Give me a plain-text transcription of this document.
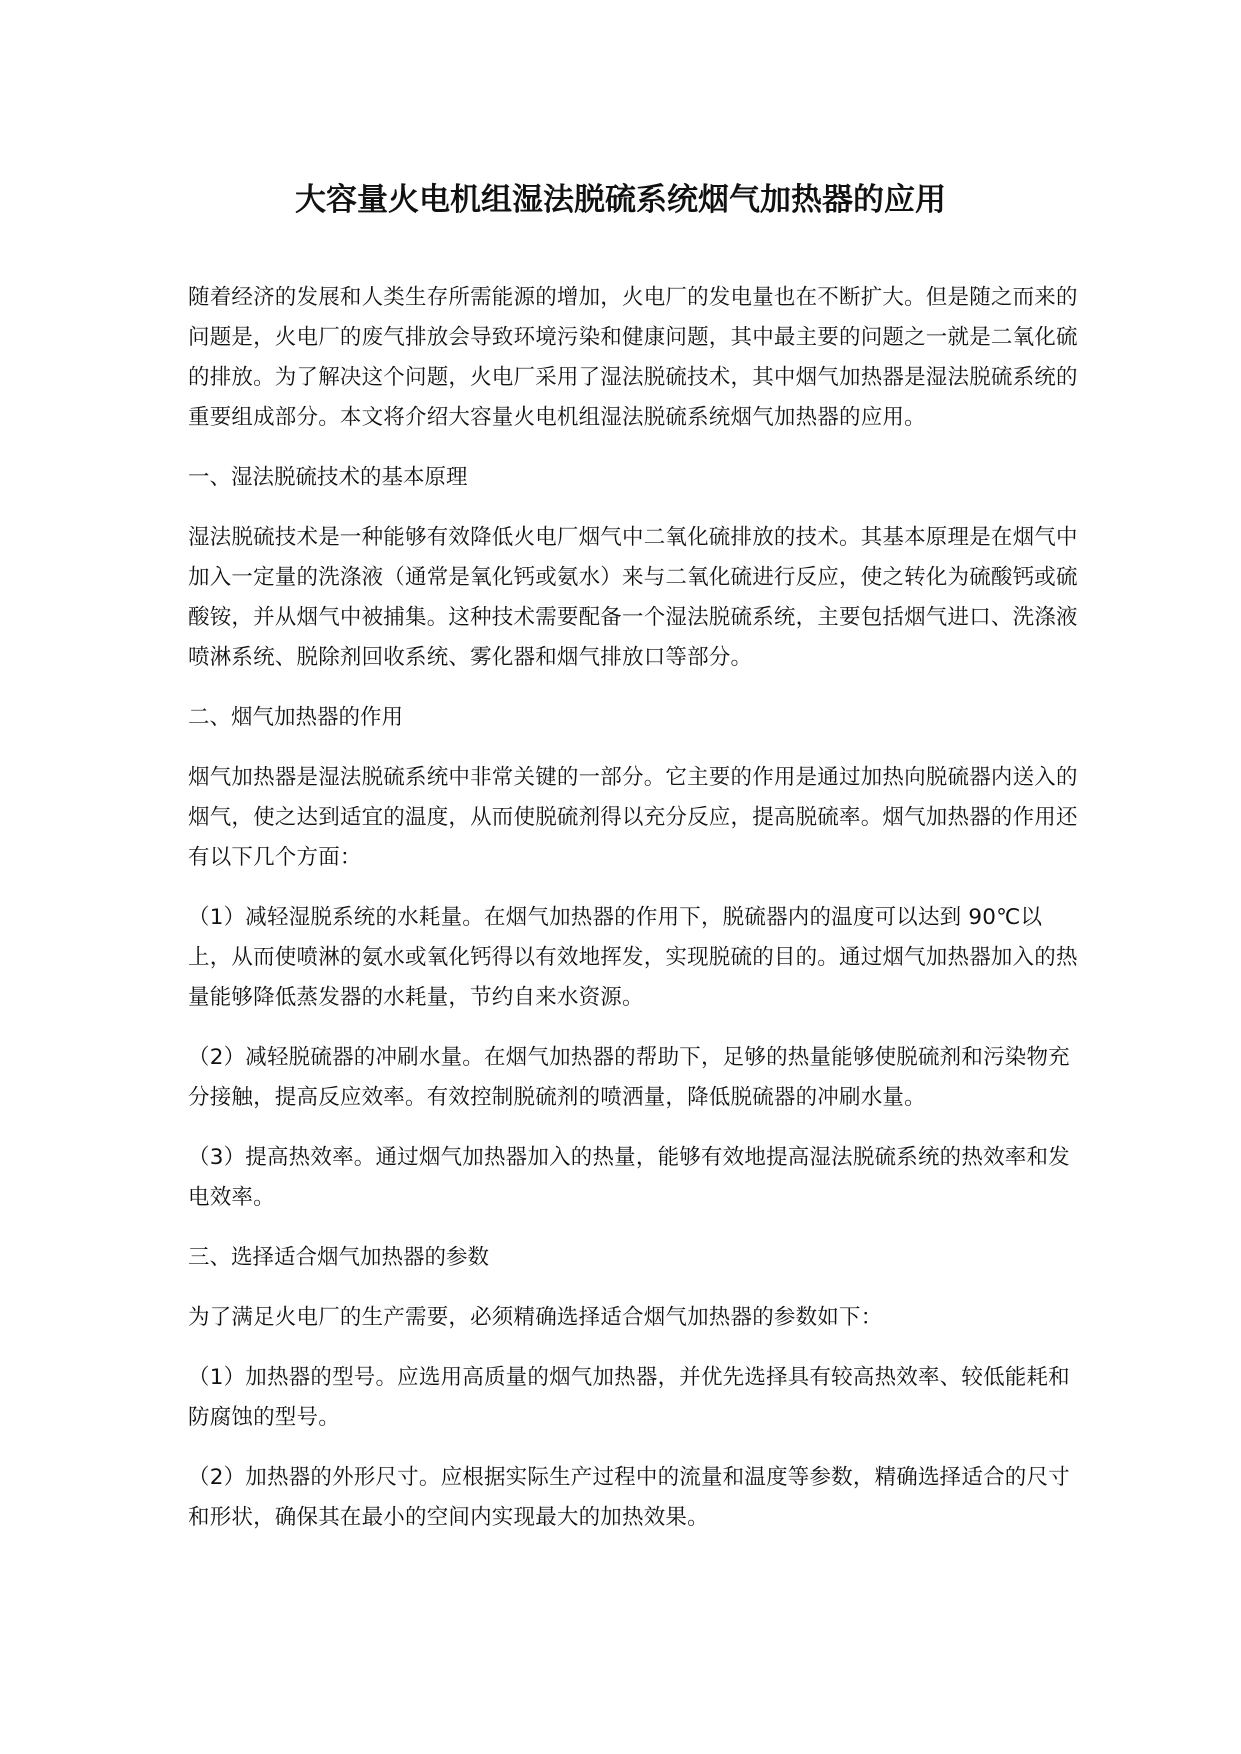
大容量火电机组湿法脱硫系统烟气加热器的应用

随着经济的发展和人类生存所需能源的增加，火电厂的发电量也在不断扩大。但是随之而来的问题是，火电厂的废气排放会导致环境污染和健康问题，其中最主要的问题之一就是二氧化硫的排放。为了解决这个问题，火电厂采用了湿法脱硫技术，其中烟气加热器是湿法脱硫系统的重要组成部分。本文将介绍大容量火电机组湿法脱硫系统烟气加热器的应用。

一、湿法脱硫技术的基本原理

湿法脱硫技术是一种能够有效降低火电厂烟气中二氧化硫排放的技术。其基本原理是在烟气中加入一定量的洗涤液（通常是氧化钙或氨水）来与二氧化硫进行反应，使之转化为硫酸钙或硫酸铵，并从烟气中被捕集。这种技术需要配备一个湿法脱硫系统，主要包括烟气进口、洗涤液喷淋系统、脱除剂回收系统、雾化器和烟气排放口等部分。

二、烟气加热器的作用

烟气加热器是湿法脱硫系统中非常关键的一部分。它主要的作用是通过加热向脱硫器内送入的烟气，使之达到适宜的温度，从而使脱硫剂得以充分反应，提高脱硫率。烟气加热器的作用还有以下几个方面：

（1）减轻湿脱系统的水耗量。在烟气加热器的作用下，脱硫器内的温度可以达到 90℃以上，从而使喷淋的氨水或氧化钙得以有效地挥发，实现脱硫的目的。通过烟气加热器加入的热量能够降低蒸发器的水耗量，节约自来水资源。

（2）减轻脱硫器的冲刷水量。在烟气加热器的帮助下，足够的热量能够使脱硫剂和污染物充分接触，提高反应效率。有效控制脱硫剂的喷洒量，降低脱硫器的冲刷水量。

（3）提高热效率。通过烟气加热器加入的热量，能够有效地提高湿法脱硫系统的热效率和发电效率。

三、选择适合烟气加热器的参数

为了满足火电厂的生产需要，必须精确选择适合烟气加热器的参数如下：

（1）加热器的型号。应选用高质量的烟气加热器，并优先选择具有较高热效率、较低能耗和防腐蚀的型号。

（2）加热器的外形尺寸。应根据实际生产过程中的流量和温度等参数，精确选择适合的尺寸和形状，确保其在最小的空间内实现最大的加热效果。
